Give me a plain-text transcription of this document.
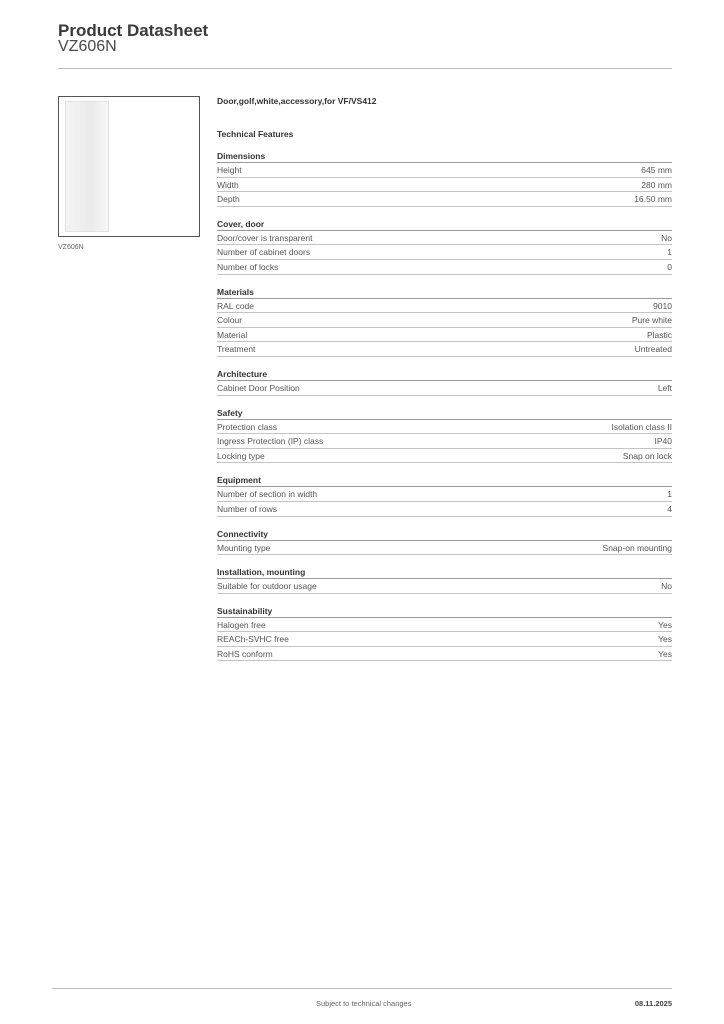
Product Datasheet
VZ606N
VZ606N
Door,golf,white,accessory,for VF/VS412
Technical Features
Dimensions
Height	645 mm
Width	280 mm
Depth	16.50 mm
Cover, door
Door/cover is transparent	No
Number of cabinet doors	1
Number of locks	0
Materials
RAL code	9010
Colour	Pure white
Material	Plastic
Treatment	Untreated
Architecture
Cabinet Door Position	Left
Safety
Protection class	Isolation class II
Ingress Protection (IP) class	IP40
Locking type	Snap on lock
Equipment
Number of section in width	1
Number of rows	4
Connectivity
Mounting type	Snap-on mounting
Installation, mounting
Suitable for outdoor usage	No
Sustainability
Halogen free	Yes
REACh-SVHC free	Yes
RoHS conform	Yes
Subject to technical changes	08.11.2025
